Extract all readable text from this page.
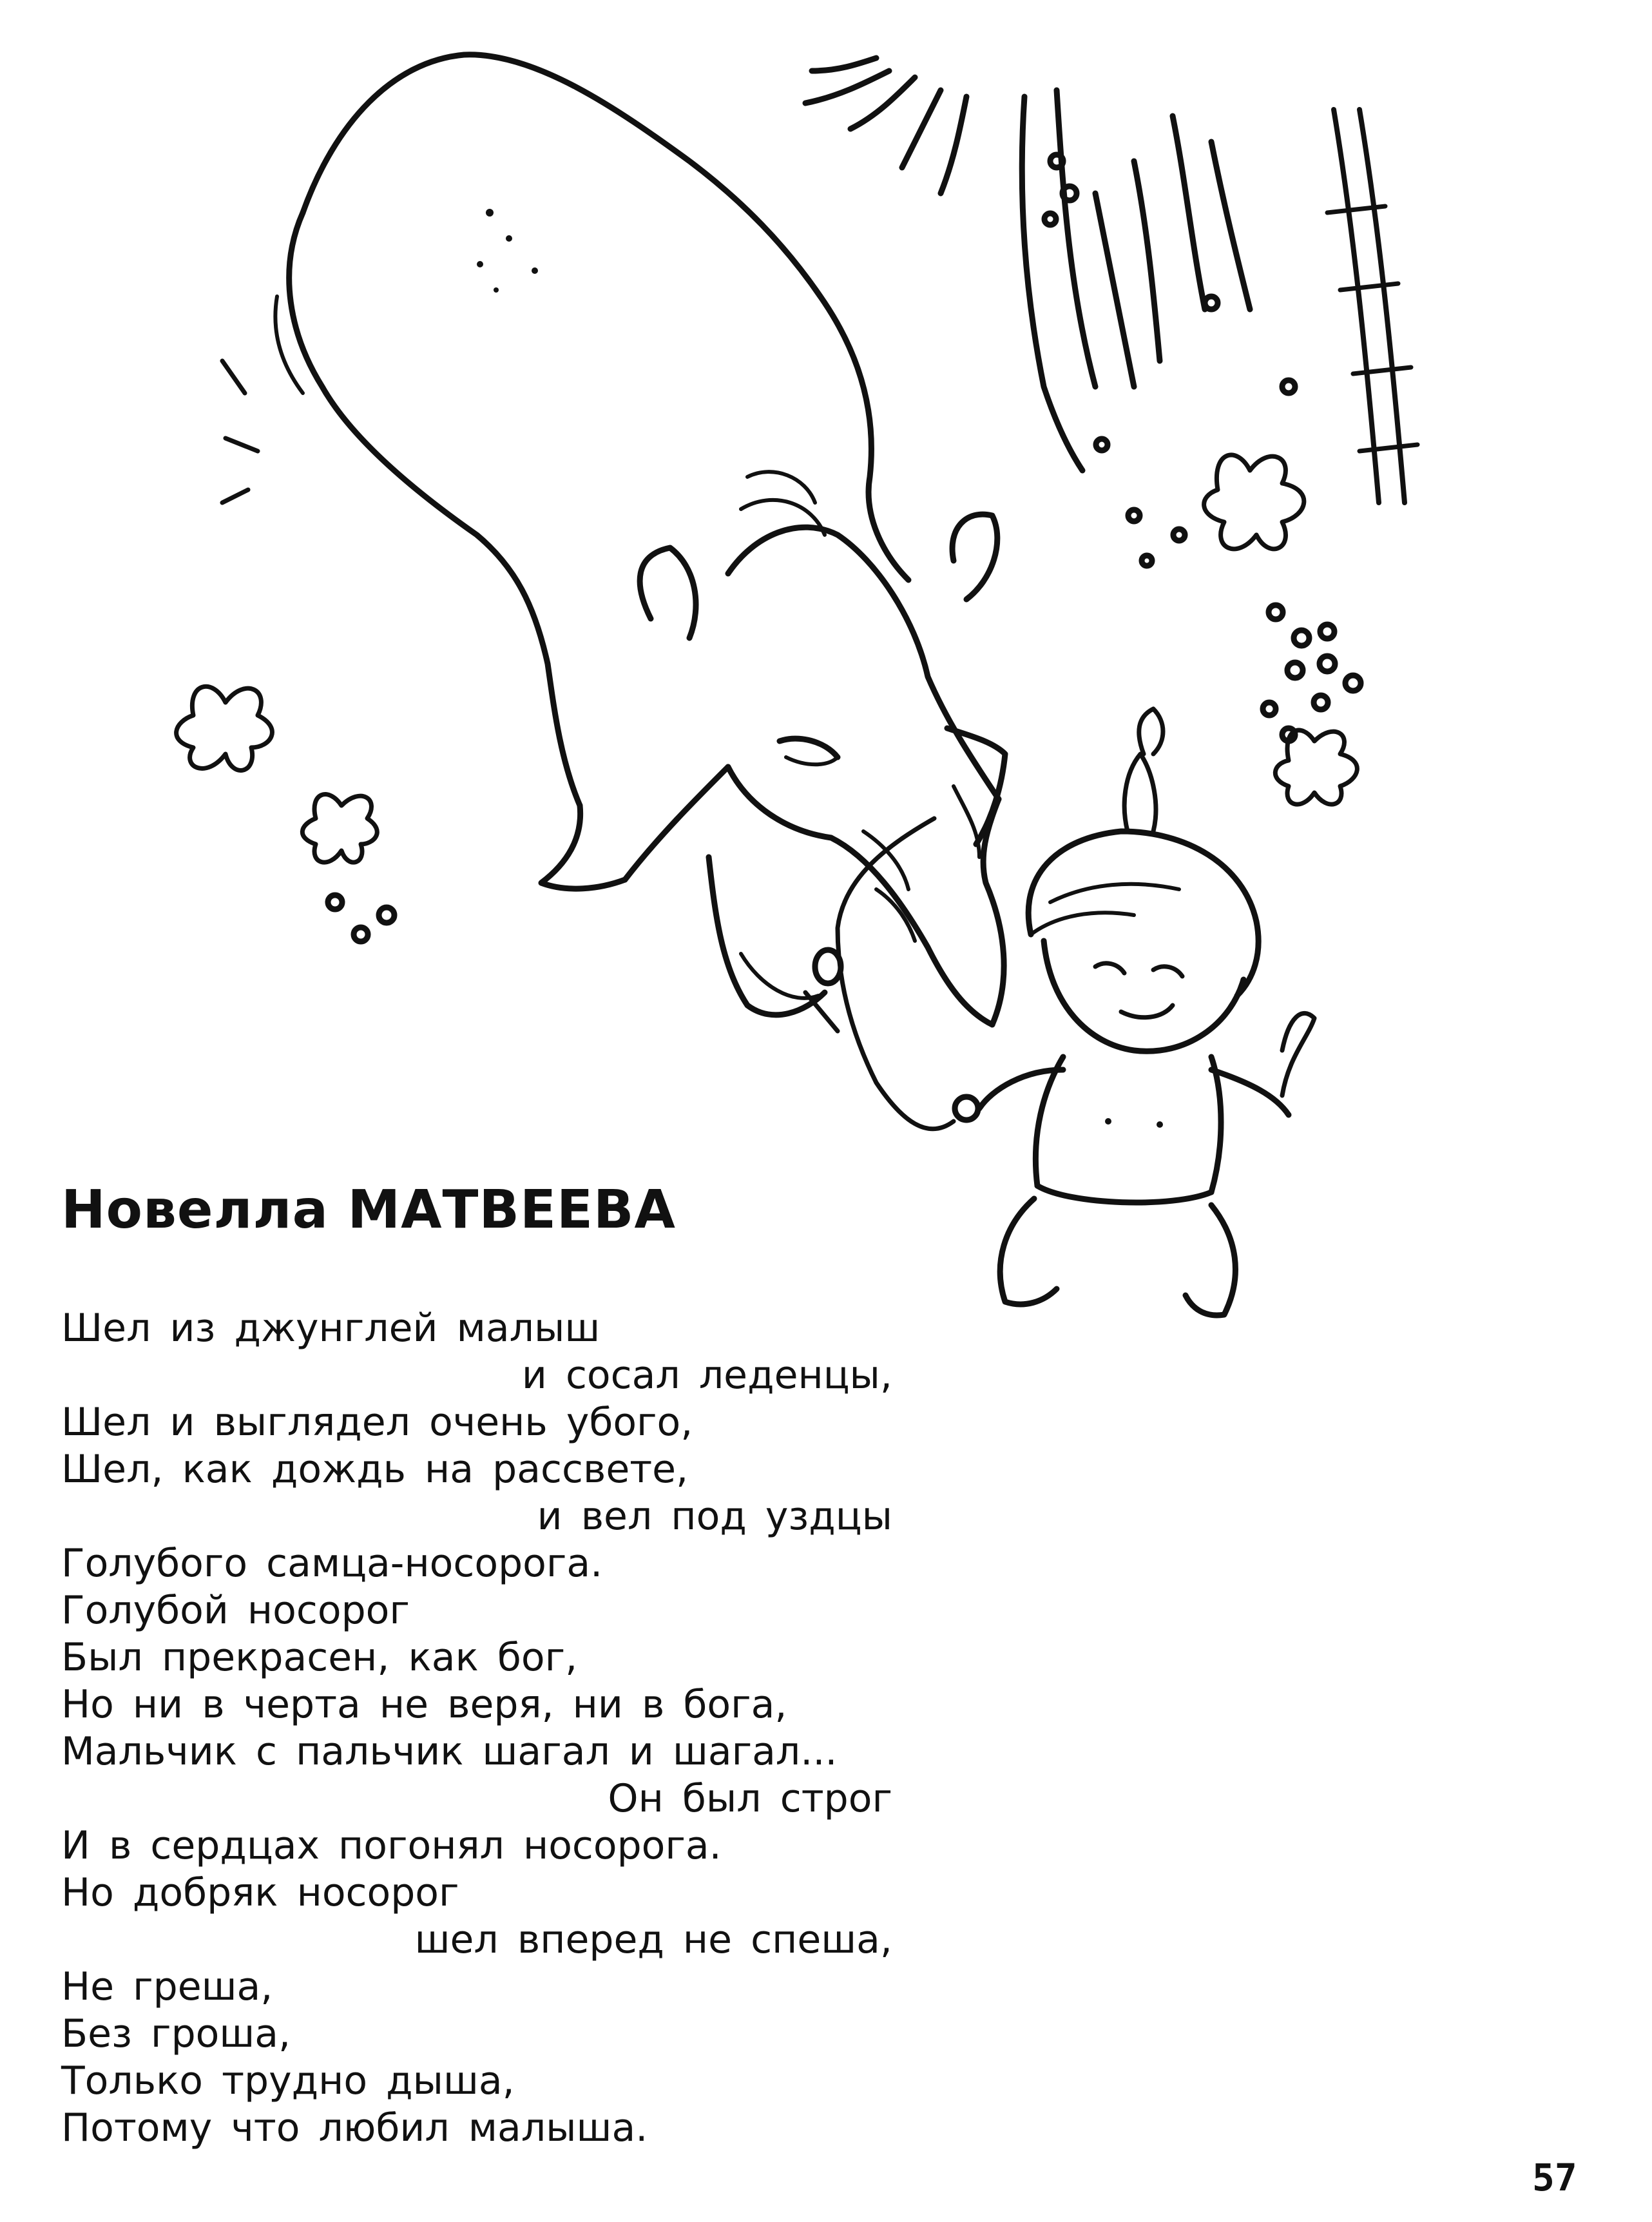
Новелла МАТВЕЕВА
Шел из джунглей малыш
и сосал леденцы,
Шел и выглядел очень убого,
Шел, как дождь на рассвете,
и вел под уздцы
Голубого самца-носорога.
Голубой носорог
Был прекрасен, как бог,
Но ни в черта не веря, ни в бога,
Мальчик с пальчик шагал и шагал...
Он был строг
И в сердцах погонял носорога.
Но добряк носорог
шел вперед не спеша,
Не греша,
Без гроша,
Только трудно дыша,
Потому что любил малыша.
57
